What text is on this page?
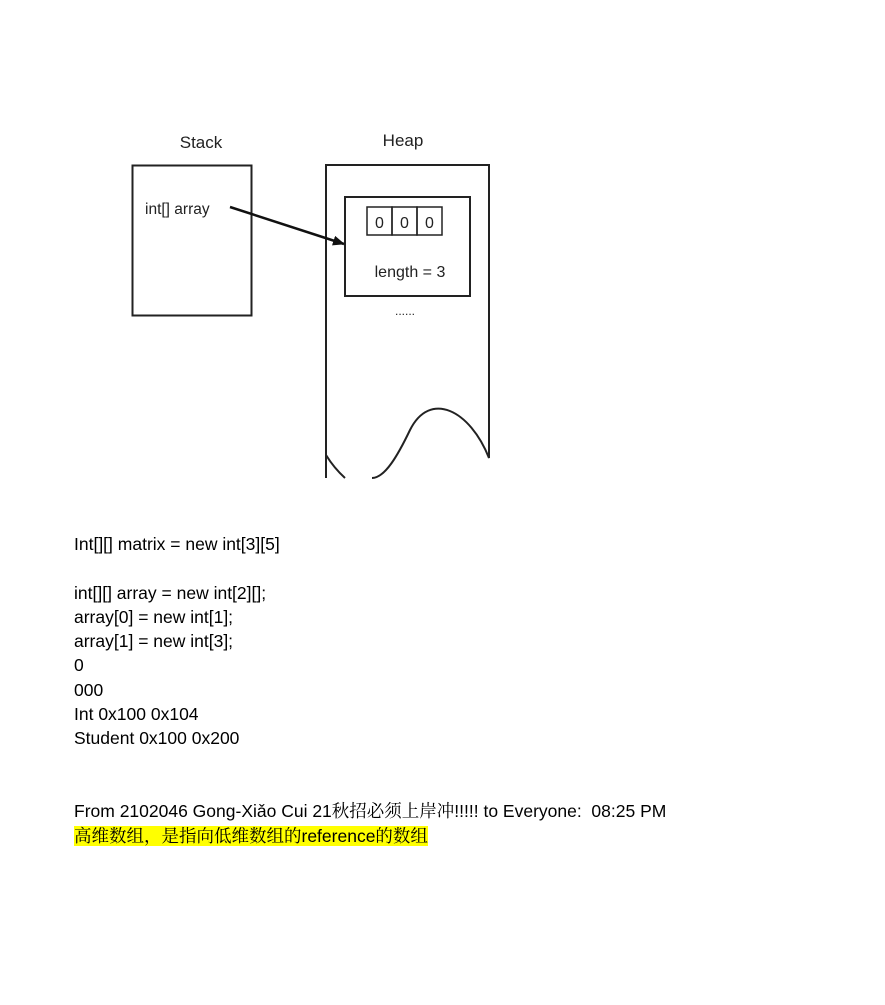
Stack	Heap
int[] array
0 0 0
length = 3
......
Int[][] matrix = new int[3][5]
int[][] array = new int[2][];
array[0] = new int[1];
array[1] = new int[3];
0
000
Int 0x100 0x104
Student 0x100 0x200
From 2102046 Gong-Xiǎo Cui 21秋招必须上岸冲!!!!! to Everyone:  08:25 PM
高维数组，是指向低维数组的reference的数组
